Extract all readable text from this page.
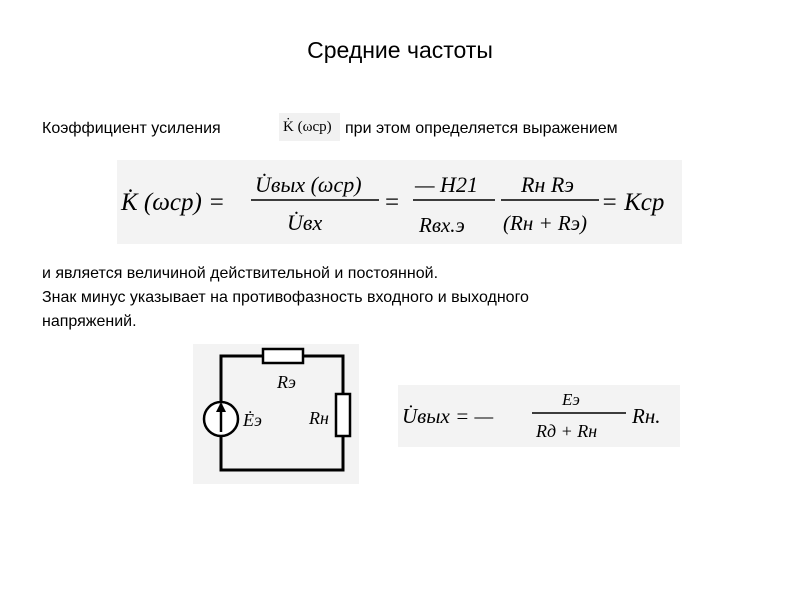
Средние частоты
Коэффициент усиления	K̇ (ωср) при этом определяется выражением
K̇ (ωср) =
U̇вых (ωср)
U̇вх
=
— H21
Rвх.э
Rн Rэ
(Rн + Rэ)
= Kср
и является величиной действительной и постоянной.
Знак минус указывает на противофазность входного и выходного
напряжений.
Rэ
Rн
Ėэ	U̇вых = —
Eэ
Rд + Rн
Rн.
